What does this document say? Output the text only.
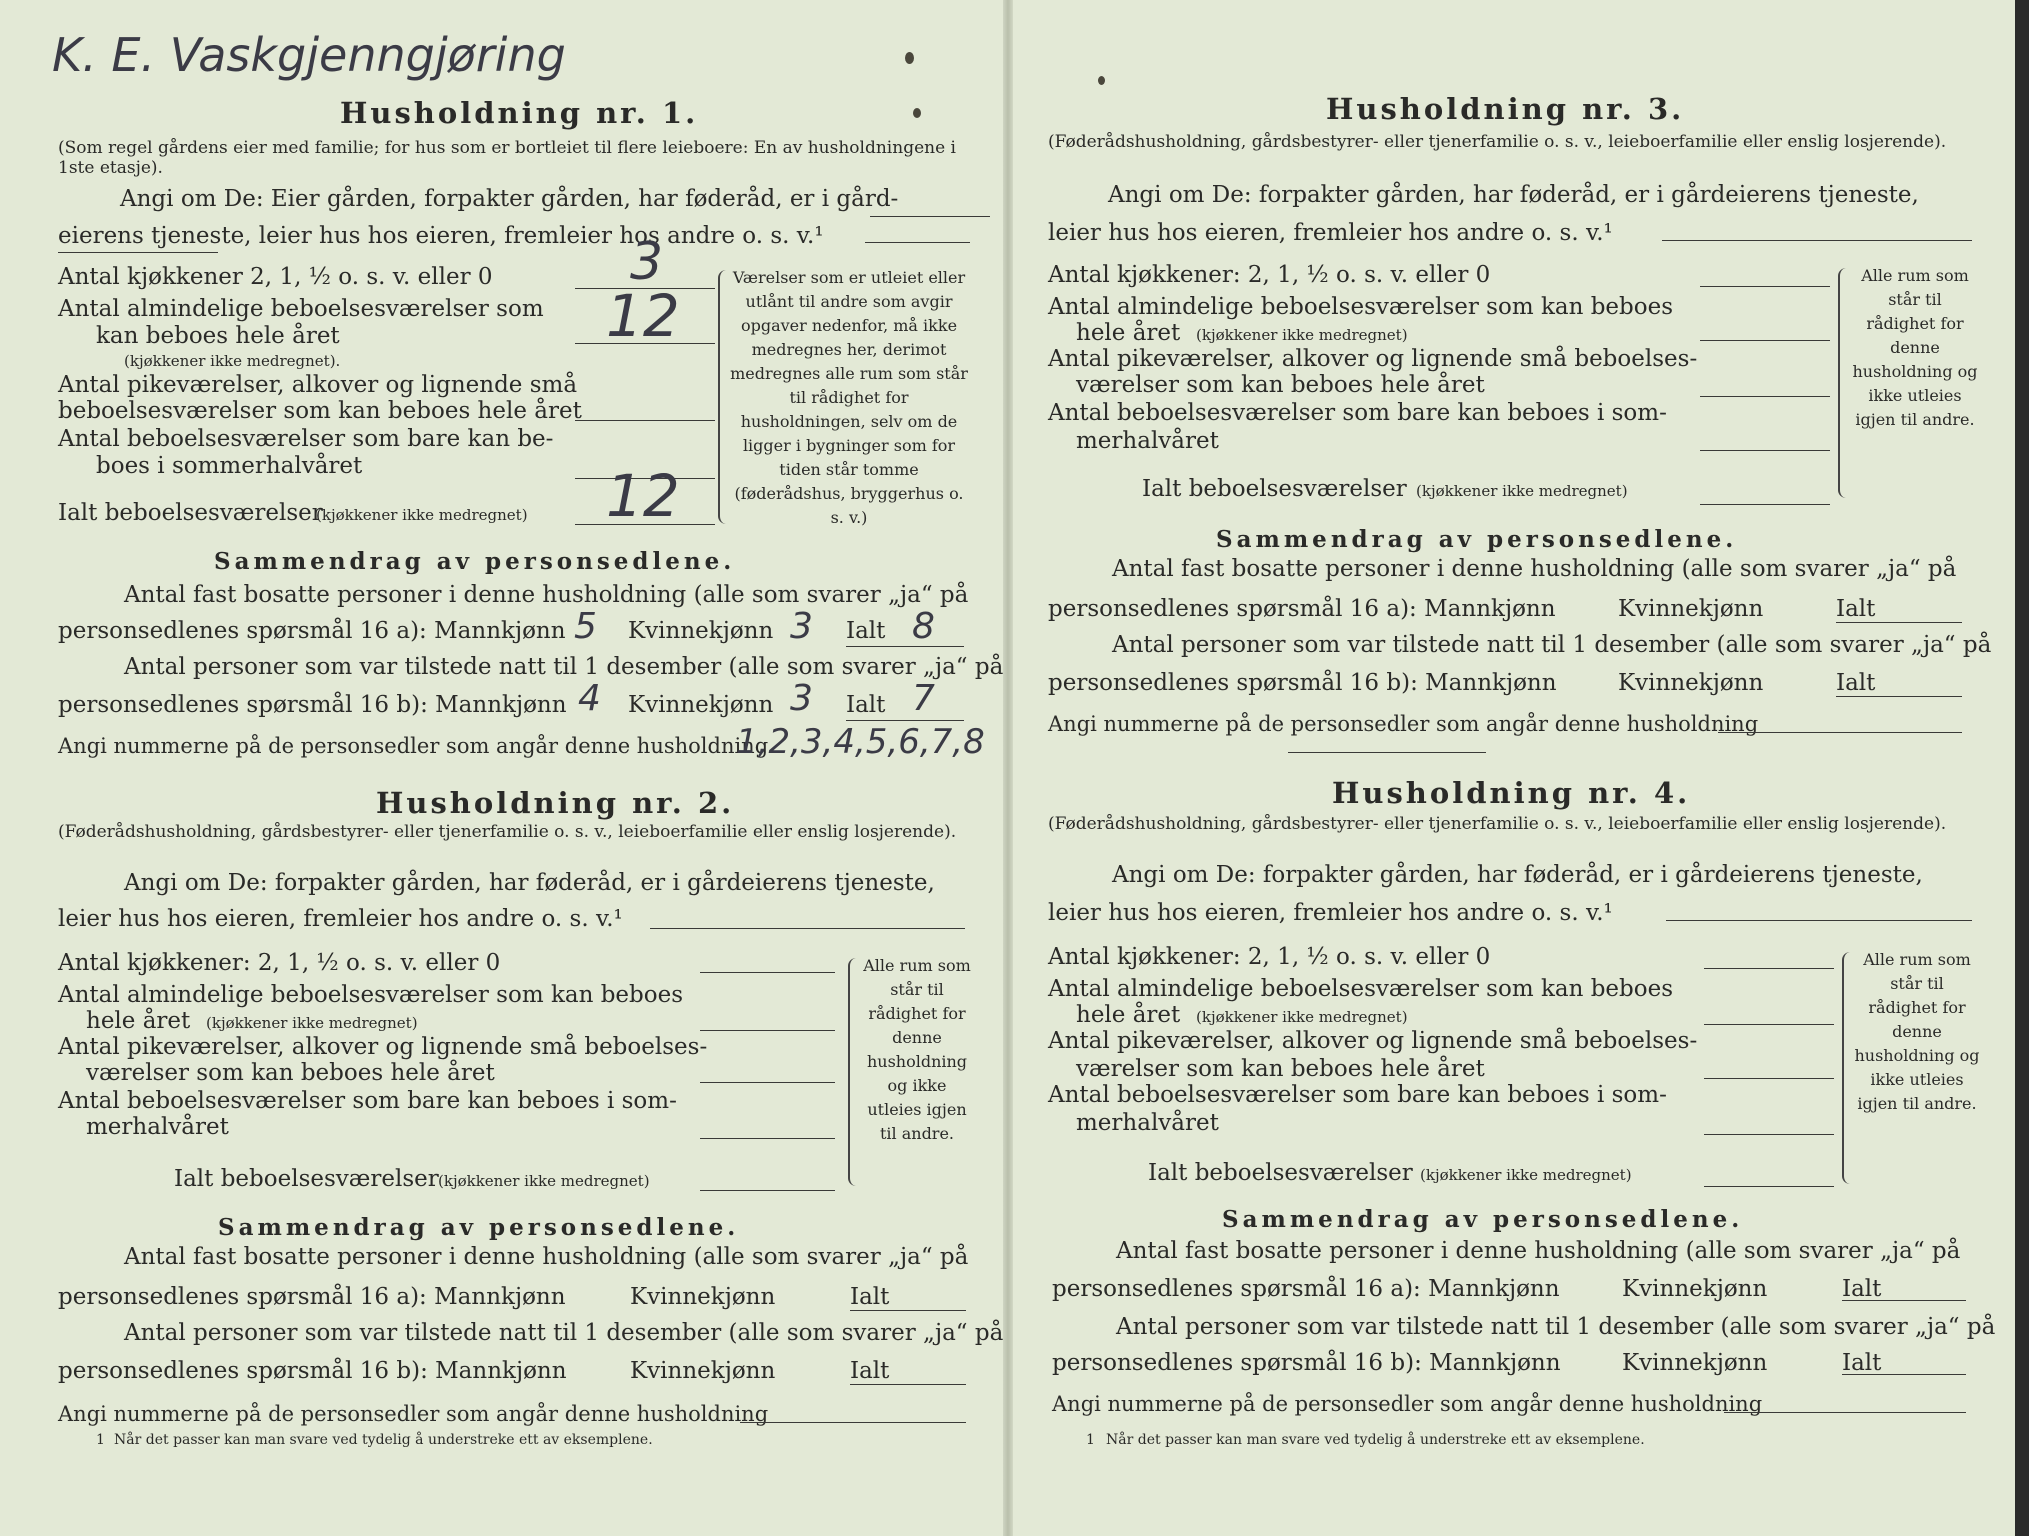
K. E. Vaskgjenngjøring
Husholdning nr. 1.
(Som regel gårdens eier med familie; for hus som er bortleiet til flere leieboere: En av husholdningene i 1ste etasje).
Angi om De: Eier gården, forpakter gården, har føderåd, er i gård-
eierens tjeneste, leier hus hos eieren, fremleier hos andre o. s. v.¹
Antal kjøkkener 2, 1, ½ o. s. v. eller 0	3
Antal almindelige beboelsesværelser som
kan beboes hele året
(kjøkkener ikke medregnet).
12
Antal pikeværelser, alkover og lignende små
beboelsesværelser som kan beboes hele året
Antal beboelsesværelser som bare kan be-
boes i sommerhalvåret
Ialt beboelsesværelser
(kjøkkener ikke medregnet) 12
Værelser som er utleiet eller utlånt til andre som avgir opgaver nedenfor, må ikke medregnes her, derimot medregnes alle rum som står til rådighet for husholdningen, selv om de ligger i bygninger som for tiden står tomme (føderådshus, bryggerhus o. s. v.)
Sammendrag av personsedlene.
Antal fast bosatte personer i denne husholdning (alle som svarer „ja“ på
personsedlenes spørsmål 16 a): Mannkjønn 5 Kvinnekjønn 3 Ialt 8
Antal personer som var tilstede natt til 1 desember (alle som svarer „ja“ på
personsedlenes spørsmål 16 b): Mannkjønn 4 Kvinnekjønn 3 Ialt 7
Angi nummerne på de personsedler som angår denne husholdning
1,2,3,4,5,6,7,8
Husholdning nr. 2.
(Føderådshusholdning, gårdsbestyrer- eller tjenerfamilie o. s. v., leieboerfamilie eller enslig losjerende).
Angi om De: forpakter gården, har føderåd, er i gårdeierens tjeneste,
leier hus hos eieren, fremleier hos andre o. s. v.¹
Antal kjøkkener: 2, 1, ½ o. s. v. eller 0
Antal almindelige beboelsesværelser som kan beboes
hele året (kjøkkener ikke medregnet)
Antal pikeværelser, alkover og lignende små beboelses-
værelser som kan beboes hele året
Antal beboelsesværelser som bare kan beboes i som-
merhalvåret
Ialt beboelsesværelser (kjøkkener ikke medregnet)
Alle rum som står til rådighet for denne husholdning og ikke utleies igjen til andre.
Sammendrag av personsedlene.
Antal fast bosatte personer i denne husholdning (alle som svarer „ja“ på
personsedlenes spørsmål 16 a): Mannkjønn	Kvinnekjønn	Ialt
Antal personer som var tilstede natt til 1 desember (alle som svarer „ja“ på
personsedlenes spørsmål 16 b): Mannkjønn	Kvinnekjønn	Ialt
Angi nummerne på de personsedler som angår denne husholdning
1 Når det passer kan man svare ved tydelig å understreke ett av eksemplene.
Husholdning nr. 3.
(Føderådshusholdning, gårdsbestyrer- eller tjenerfamilie o. s. v., leieboerfamilie eller enslig losjerende).
Angi om De: forpakter gården, har føderåd, er i gårdeierens tjeneste,
leier hus hos eieren, fremleier hos andre o. s. v.¹
Antal kjøkkener: 2, 1, ½ o. s. v. eller 0
Antal almindelige beboelsesværelser som kan beboes
hele året (kjøkkener ikke medregnet)
Antal pikeværelser, alkover og lignende små beboelses-
værelser som kan beboes hele året
Antal beboelsesværelser som bare kan beboes i som-
merhalvåret
Ialt beboelsesværelser (kjøkkener ikke medregnet)
Alle rum som står til rådighet for denne husholdning og ikke utleies igjen til andre.
Sammendrag av personsedlene.
Antal fast bosatte personer i denne husholdning (alle som svarer „ja“ på
personsedlenes spørsmål 16 a): Mannkjønn	Kvinnekjønn	Ialt
Antal personer som var tilstede natt til 1 desember (alle som svarer „ja“ på
personsedlenes spørsmål 16 b): Mannkjønn	Kvinnekjønn	Ialt
Angi nummerne på de personsedler som angår denne husholdning
Husholdning nr. 4.
(Føderådshusholdning, gårdsbestyrer- eller tjenerfamilie o. s. v., leieboerfamilie eller enslig losjerende).
Angi om De: forpakter gården, har føderåd, er i gårdeierens tjeneste,
leier hus hos eieren, fremleier hos andre o. s. v.¹
Antal kjøkkener: 2, 1, ½ o. s. v. eller 0
Antal almindelige beboelsesværelser som kan beboes
hele året (kjøkkener ikke medregnet)
Antal pikeværelser, alkover og lignende små beboelses-
værelser som kan beboes hele året
Antal beboelsesværelser som bare kan beboes i som-
merhalvåret
Ialt beboelsesværelser (kjøkkener ikke medregnet)
Alle rum som står til rådighet for denne husholdning og ikke utleies igjen til andre.
Sammendrag av personsedlene.
Antal fast bosatte personer i denne husholdning (alle som svarer „ja“ på
personsedlenes spørsmål 16 a): Mannkjønn	Kvinnekjønn	Ialt
Antal personer som var tilstede natt til 1 desember (alle som svarer „ja“ på
personsedlenes spørsmål 16 b): Mannkjønn	Kvinnekjønn	Ialt
Angi nummerne på de personsedler som angår denne husholdning
1 Når det passer kan man svare ved tydelig å understreke ett av eksemplene.
